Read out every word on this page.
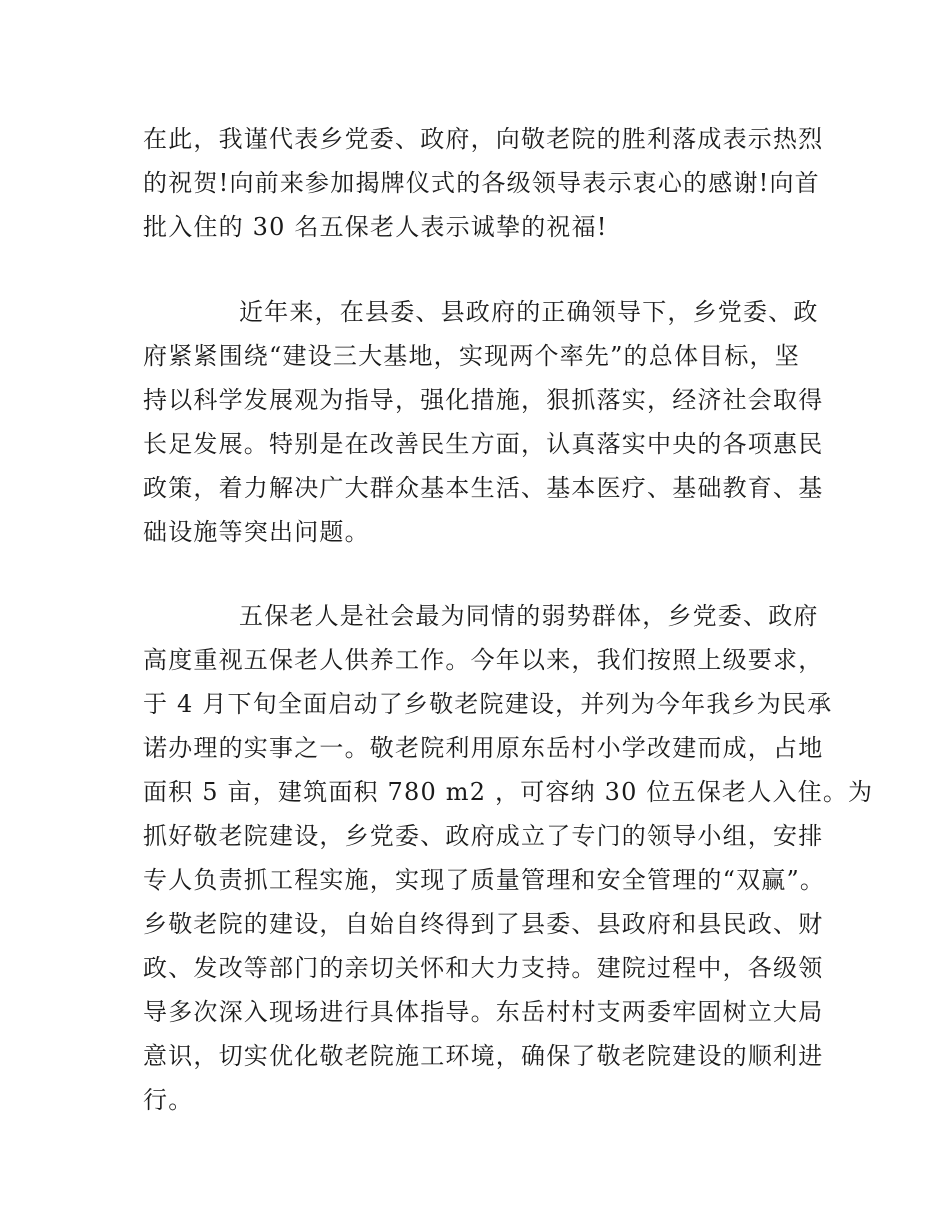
在此，我谨代表乡党委、政府，向敬老院的胜利落成表示热烈
的祝贺!向前来参加揭牌仪式的各级领导表示衷心的感谢!向首
批入住的 30 名五保老人表示诚挚的祝福!
近年来，在县委、县政府的正确领导下，乡党委、政
府紧紧围绕“建设三大基地，实现两个率先”的总体目标，坚
持以科学发展观为指导，强化措施，狠抓落实，经济社会取得
长足发展。特别是在改善民生方面，认真落实中央的各项惠民
政策，着力解决广大群众基本生活、基本医疗、基础教育、基
础设施等突出问题。
五保老人是社会最为同情的弱势群体，乡党委、政府
高度重视五保老人供养工作。今年以来，我们按照上级要求，
于 4 月下旬全面启动了乡敬老院建设，并列为今年我乡为民承
诺办理的实事之一。敬老院利用原东岳村小学改建而成，占地
面积 5 亩，建筑面积 780 m2 ，可容纳 30 位五保老人入住。为
抓好敬老院建设，乡党委、政府成立了专门的领导小组，安排
专人负责抓工程实施，实现了质量管理和安全管理的“双赢”。
乡敬老院的建设，自始自终得到了县委、县政府和县民政、财
政、发改等部门的亲切关怀和大力支持。建院过程中，各级领
导多次深入现场进行具体指导。东岳村村支两委牢固树立大局
意识，切实优化敬老院施工环境，确保了敬老院建设的顺利进
行。
